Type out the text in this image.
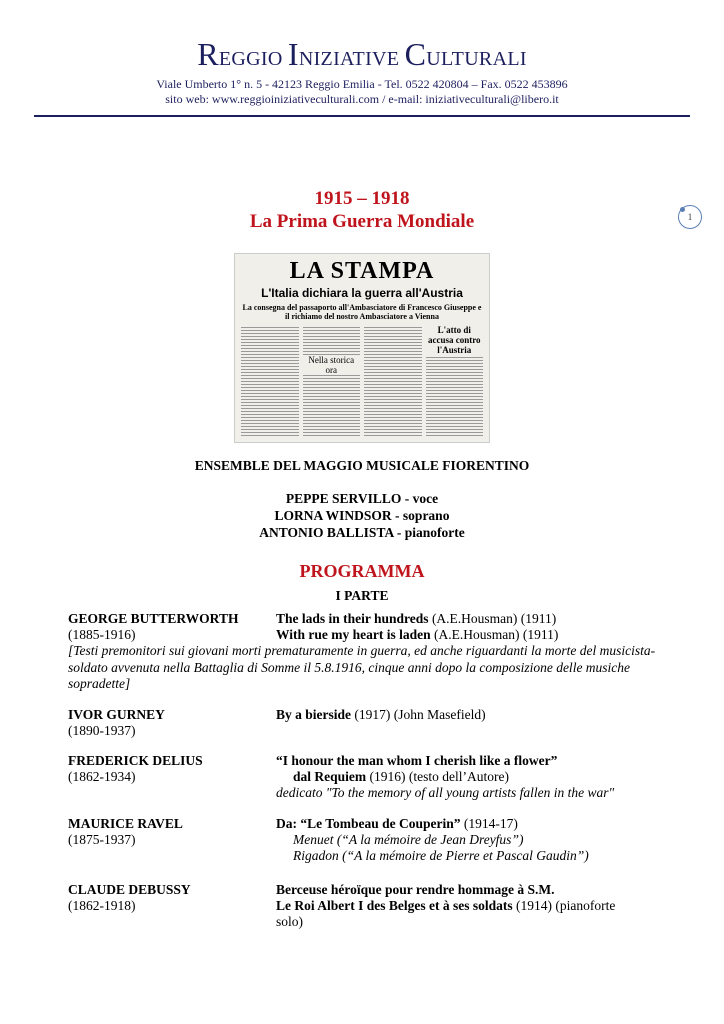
REGGIO INIZIATIVE CULTURALI
Viale Umberto 1° n. 5 - 42123 Reggio Emilia - Tel. 0522 420804 – Fax. 0522 453896
sito web: www.reggioiniziativeculturali.com / e-mail: iniziativeculturali@libero.it
1915 – 1918
La Prima Guerra Mondiale	1
LA STAMPA
L'Italia dichiara la guerra all'Austria
La consegna del passaporto all'Ambasciatore di Francesco Giuseppe e il richiamo del nostro Ambasciatore a Vienna
Nella storica ora
L'atto di accusa contro l'Austria
ENSEMBLE DEL MAGGIO MUSICALE FIORENTINO
PEPPE SERVILLO - voce
LORNA WINDSOR - soprano
ANTONIO BALLISTA - pianoforte
PROGRAMMA
I PARTE
GEORGE BUTTERWORTH
(1885-1916)
The lads in their hundreds (A.E.Housman) (1911)
With rue my heart is laden (A.E.Housman) (1911)
[Testi premonitori sui giovani morti prematuramente in guerra, ed anche riguardanti la morte del musicista-soldato avvenuta nella Battaglia di Somme il 5.8.1916, cinque anni dopo la composizione delle musiche sopradette]
IVOR GURNEY
(1890-1937)
By a bierside (1917) (John Masefield)
FREDERICK DELIUS
(1862-1934)
“I honour the man whom I cherish like a flower”
dal Requiem (1916) (testo dell’Autore)
dedicato "To the memory of all young artists fallen in the war"
MAURICE RAVEL
(1875-1937)
Da: “Le Tombeau de Couperin” (1914-17)
Menuet (“A la mémoire de Jean Dreyfus”)
Rigadon (“A la mémoire de Pierre et Pascal Gaudin”)
CLAUDE DEBUSSY
(1862-1918)
Berceuse héroïque pour rendre hommage à S.M.
Le Roi Albert I des Belges et à ses soldats (1914) (pianoforte
solo)
